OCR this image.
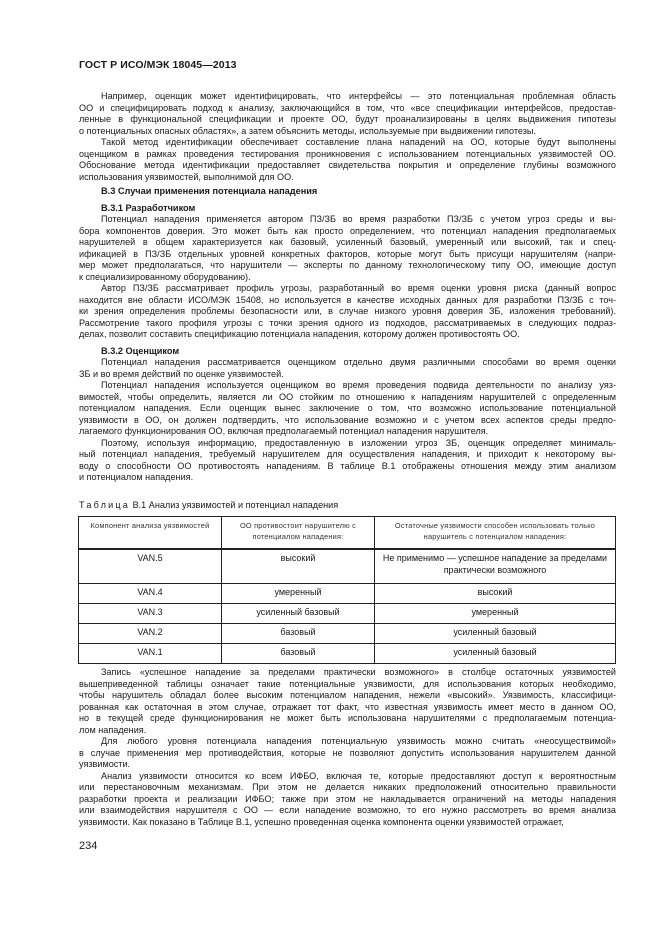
ГОСТ Р ИСО/МЭК 18045—2013
Например, оценщик может идентифицировать, что интерфейсы — это потенциальная проблемная область
ОО и специфицировать подход к анализу, заключающийся в том, что «все спецификации интерфейсов, предостав-
ленные в функциональной спецификации и проекте ОО, будут проанализированы в целях выдвижения гипотезы
о потенциальных опасных областях», а затем объяснить методы, используемые при выдвижении гипотезы.
Такой метод идентификации обеспечивает составление плана нападений на ОО, которые будут выполнены
оценщиком в рамках проведения тестирования проникновения с использованием потенциальных уязвимостей ОО.
Обоснование метода идентификации предоставляет свидетельства покрытия и определение глубины возможного
использования уязвимостей, выполнимой для ОО.
В.3 Случаи применения потенциала нападения
В.3.1 Разработчиком
Потенциал нападения применяется автором ПЗ/ЗБ во время разработки ПЗ/ЗБ с учетом угроз среды и вы-
бора компонентов доверия. Это может быть как просто определением, что потенциал нападения предполагаемых
нарушителей в общем характеризуется как базовый, усиленный базовый, умеренный или высокий, так и спец-
ификацией в ПЗ/ЗБ отдельных уровней конкретных факторов, которые могут быть присущи нарушителям (напри-
мер может предполагаться, что нарушители — эксперты по данному технологическому типу ОО, имеющие доступ
к специализированному оборудованию).
Автор ПЗ/ЗБ рассматривает профиль угрозы, разработанный во время оценки уровня риска (данный вопрос
находится вне области ИСО/МЭК 15408, но используется в качестве исходных данных для разработки ПЗ/ЗБ с точ-
ки зрения определения проблемы безопасности или, в случае низкого уровня доверия ЗБ, изложения требований).
Рассмотрение такого профиля угрозы с точки зрения одного из подходов, рассматриваемых в следующих подраз-
делах, позволит составить спецификацию потенциала нападения, которому должен противостоять ОО.
В.3.2 Оценщиком
Потенциал нападения рассматривается оценщиком отдельно двумя различными способами во время оценки
ЗБ и во время действий по оценке уязвимостей.
Потенциал нападения используется оценщиком во время проведения подвида деятельности по анализу уяз-
вимостей, чтобы определить, является ли ОО стойким по отношению к нападениям нарушителей с определенным
потенциалом нападения. Если оценщик вынес заключение о том, что возможно использование потенциальной
уязвимости в ОО, он должен подтвердить, что использование возможно и с учетом всех аспектов среды предпо-
лагаемого функционирования ОО, включая предполагаемый потенциал нападения нарушителя.
Поэтому, используя информацию, предоставленную в изложении угроз ЗБ, оценщик определяет минималь-
ный потенциал нападения, требуемый нарушителем для осуществления нападения, и приходит к некоторому вы-
воду о способности ОО противостоять нападениям. В таблице В.1 отображены отношения между этим анализом
и потенциалом нападения.
Таблица В.1 Анализ уязвимостей и потенциал нападения
Компонент анализа уязвимостей	ОО противостоит нарушителю с потенциалом нападения:	Остаточные уязвимости способен использовать только нарушитель с потенциалом нападения:
VAN.5	высокий	Не применимо — успешное нападение за пределами практически возможного
VAN.4	умеренный	высокий
VAN.3	усиленный базовый	умеренный
VAN.2	базовый	усиленный базовый
VAN.1	базовый	усиленный базовый
Запись «успешное нападение за пределами практически возможного» в столбце остаточных уязвимостей
вышеприведенной таблицы означает такие потенциальные уязвимости, для использования которых необходимо,
чтобы нарушитель обладал более высоким потенциалом нападения, нежели «высокий». Уязвимость, классифици-
рованная как остаточная в этом случае, отражает тот факт, что известная уязвимость имеет место в данном ОО,
но в текущей среде функционирования не может быть использована нарушителями с предполагаемым потенциа-
лом нападения.
Для любого уровня потенциала нападения потенциальную уязвимость можно считать «неосуществимой»
в случае применения мер противодействия, которые не позволяют допустить использования нарушителем данной
уязвимости.
Анализ уязвимости относится ко всем ИФБО, включая те, которые предоставляют доступ к вероятностным
или перестановочным механизмам. При этом не делается никаких предположений относительно правильности
разработки проекта и реализации ИФБО; также при этом не накладывается ограничений на методы нападения
или взаимодействия нарушителя с ОО — если нападение возможно, то его нужно рассмотреть во время анализа
уязвимости. Как показано в Таблице В.1, успешно проведенная оценка компонента оценки уязвимостей отражает,
234
